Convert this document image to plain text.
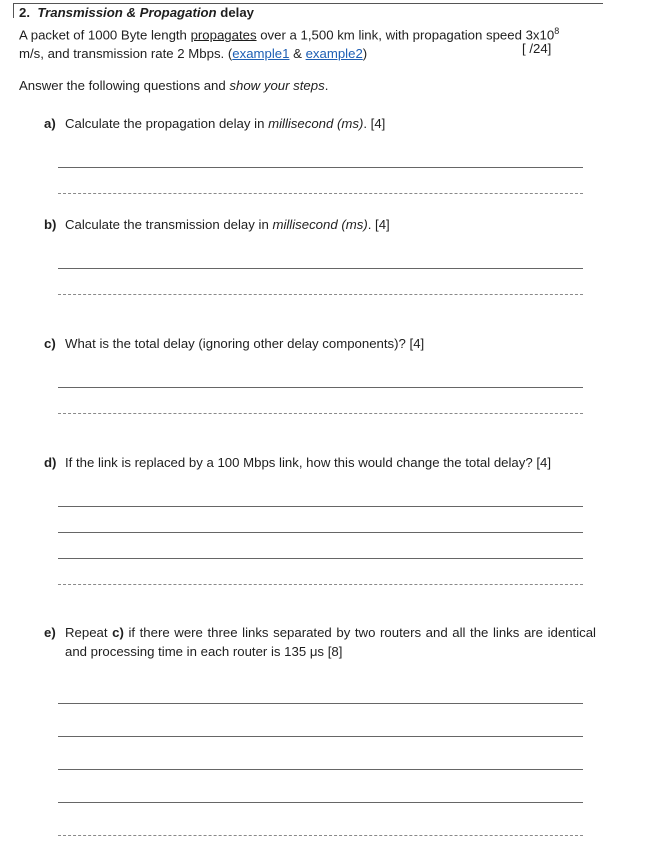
2. Transmission & Propagation delay
A packet of 1000 Byte length propagates over a 1,500 km link, with propagation speed $3x10^8$
m/s, and transmission rate 2 Mbps. (example1 & example2)	[ /24]
Answer the following questions and show your steps.
a) Calculate the propagation delay in millisecond (ms). [4]
b) Calculate the transmission delay in millisecond (ms). [4]
c) What is the total delay (ignoring other delay components)? [4]
d) If the link is replaced by a 100 Mbps link, how this would change the total delay? [4]
e) Repeat c) if there were three links separated by two routers and all the links are identical and processing time in each router is 135 μs [8]
